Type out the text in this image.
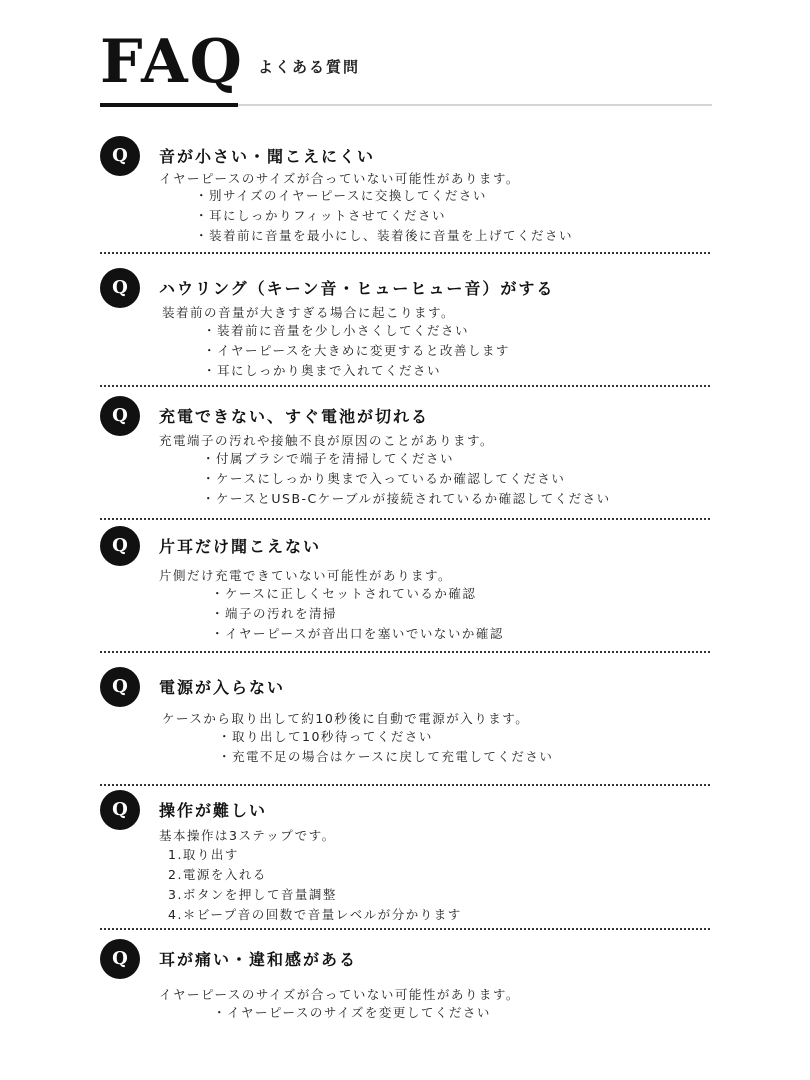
FAQ よくある質問
Q	音が小さい・聞こえにくい
イヤーピースのサイズが合っていない可能性があります。
・別サイズのイヤーピースに交換してください
・耳にしっかりフィットさせてください
・装着前に音量を最小にし、装着後に音量を上げてください
Q	ハウリング（キーン音・ヒューヒュー音）がする
装着前の音量が大きすぎる場合に起こります。
・装着前に音量を少し小さくしてください
・イヤーピースを大きめに変更すると改善します
・耳にしっかり奥まで入れてください
Q	充電できない、すぐ電池が切れる
充電端子の汚れや接触不良が原因のことがあります。
・付属ブラシで端子を清掃してください
・ケースにしっかり奥まで入っているか確認してください
・ケースとUSB-Cケーブルが接続されているか確認してください
Q	片耳だけ聞こえない
片側だけ充電できていない可能性があります。
・ケースに正しくセットされているか確認
・端子の汚れを清掃
・イヤーピースが音出口を塞いでいないか確認
Q	電源が入らない
ケースから取り出して約10秒後に自動で電源が入ります。
・取り出して10秒待ってください
・充電不足の場合はケースに戻して充電してください
Q	操作が難しい
基本操作は3ステップです。
1.取り出す
2.電源を入れる
3.ボタンを押して音量調整
4.＊ビープ音の回数で音量レベルが分かります
Q	耳が痛い・違和感がある
イヤーピースのサイズが合っていない可能性があります。
・イヤーピースのサイズを変更してください
